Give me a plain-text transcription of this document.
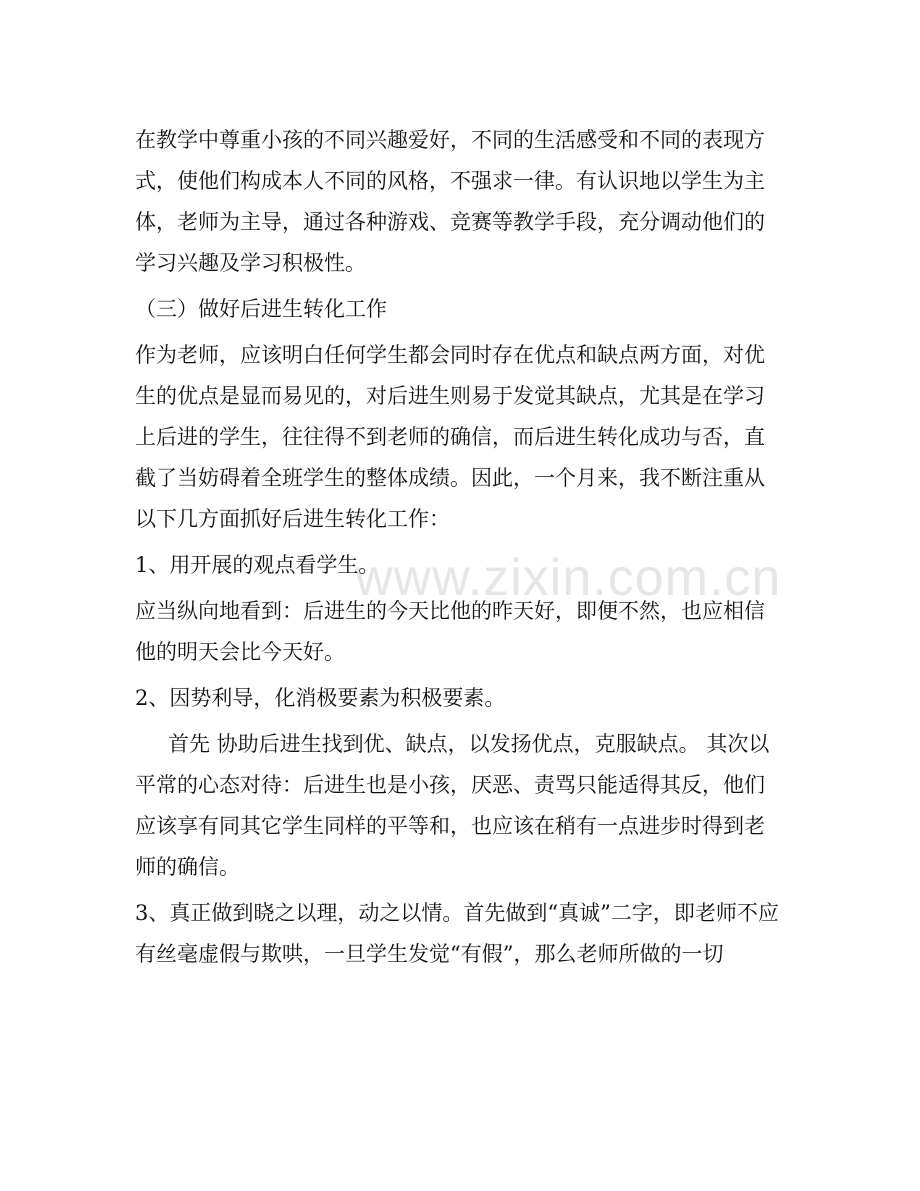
www.zixin.com.cn

在教学中尊重小孩的不同兴趣爱好，不同的生活感受和不同的表现方式，使他们构成本人不同的风格，不强求一律。有认识地以学生为主体，老师为主导，通过各种游戏、竞赛等教学手段，充分调动他们的学习兴趣及学习积极性。

（三）做好后进生转化工作

作为老师，应该明白任何学生都会同时存在优点和缺点两方面，对优生的优点是显而易见的，对后进生则易于发觉其缺点，尤其是在学习上后进的学生，往往得不到老师的确信，而后进生转化成功与否，直截了当妨碍着全班学生的整体成绩。因此，一个月来，我不断注重从以下几方面抓好后进生转化工作：

1、用开展的观点看学生。

应当纵向地看到：后进生的今天比他的昨天好，即便不然，也应相信他的明天会比今天好。

2、因势利导，化消极要素为积极要素。

首先 协助后进生找到优、缺点，以发扬优点，克服缺点。 其次以平常的心态对待：后进生也是小孩，厌恶、责骂只能适得其反，他们应该享有同其它学生同样的平等和，也应该在稍有一点进步时得到老师的确信。

3、真正做到晓之以理，动之以情。首先做到“真诚”二字，即老师不应有丝毫虚假与欺哄，一旦学生发觉“有假”，那么老师所做的一切
